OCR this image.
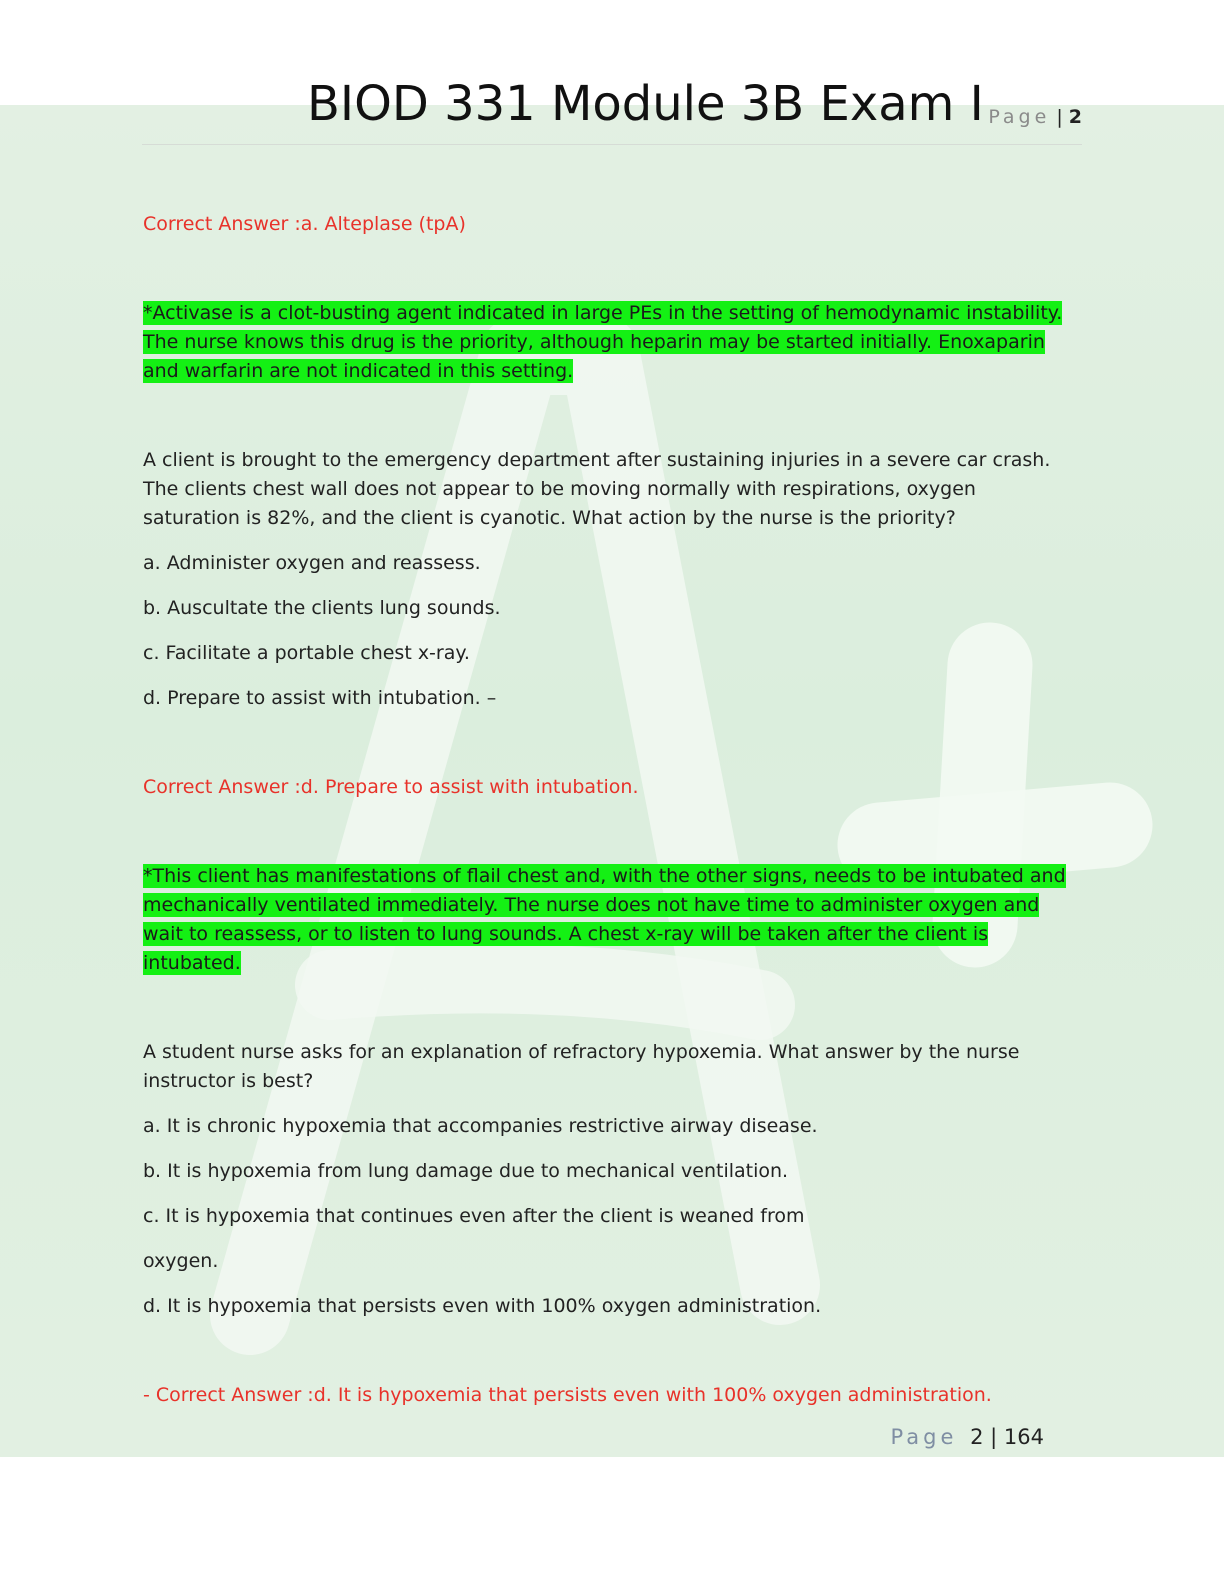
BIOD 331 Module 3B Exam I Page | 2

Correct Answer :a. Alteplase (tpA)

*Activase is a clot-busting agent indicated in large PEs in the setting of hemodynamic instability. The nurse knows this drug is the priority, although heparin may be started initially. Enoxaparin and warfarin are not indicated in this setting.

A client is brought to the emergency department after sustaining injuries in a severe car crash. The clients chest wall does not appear to be moving normally with respirations, oxygen saturation is 82%, and the client is cyanotic. What action by the nurse is the priority?

a. Administer oxygen and reassess.

b. Auscultate the clients lung sounds.

c. Facilitate a portable chest x-ray.

d. Prepare to assist with intubation. –

Correct Answer :d. Prepare to assist with intubation.

*This client has manifestations of flail chest and, with the other signs, needs to be intubated and mechanically ventilated immediately. The nurse does not have time to administer oxygen and wait to reassess, or to listen to lung sounds. A chest x-ray will be taken after the client is intubated.

A student nurse asks for an explanation of refractory hypoxemia. What answer by the nurse instructor is best?

a. It is chronic hypoxemia that accompanies restrictive airway disease.

b. It is hypoxemia from lung damage due to mechanical ventilation.

c. It is hypoxemia that continues even after the client is weaned from

oxygen.

d. It is hypoxemia that persists even with 100% oxygen administration.

- Correct Answer :d. It is hypoxemia that persists even with 100% oxygen administration.

Page 2 | 164
